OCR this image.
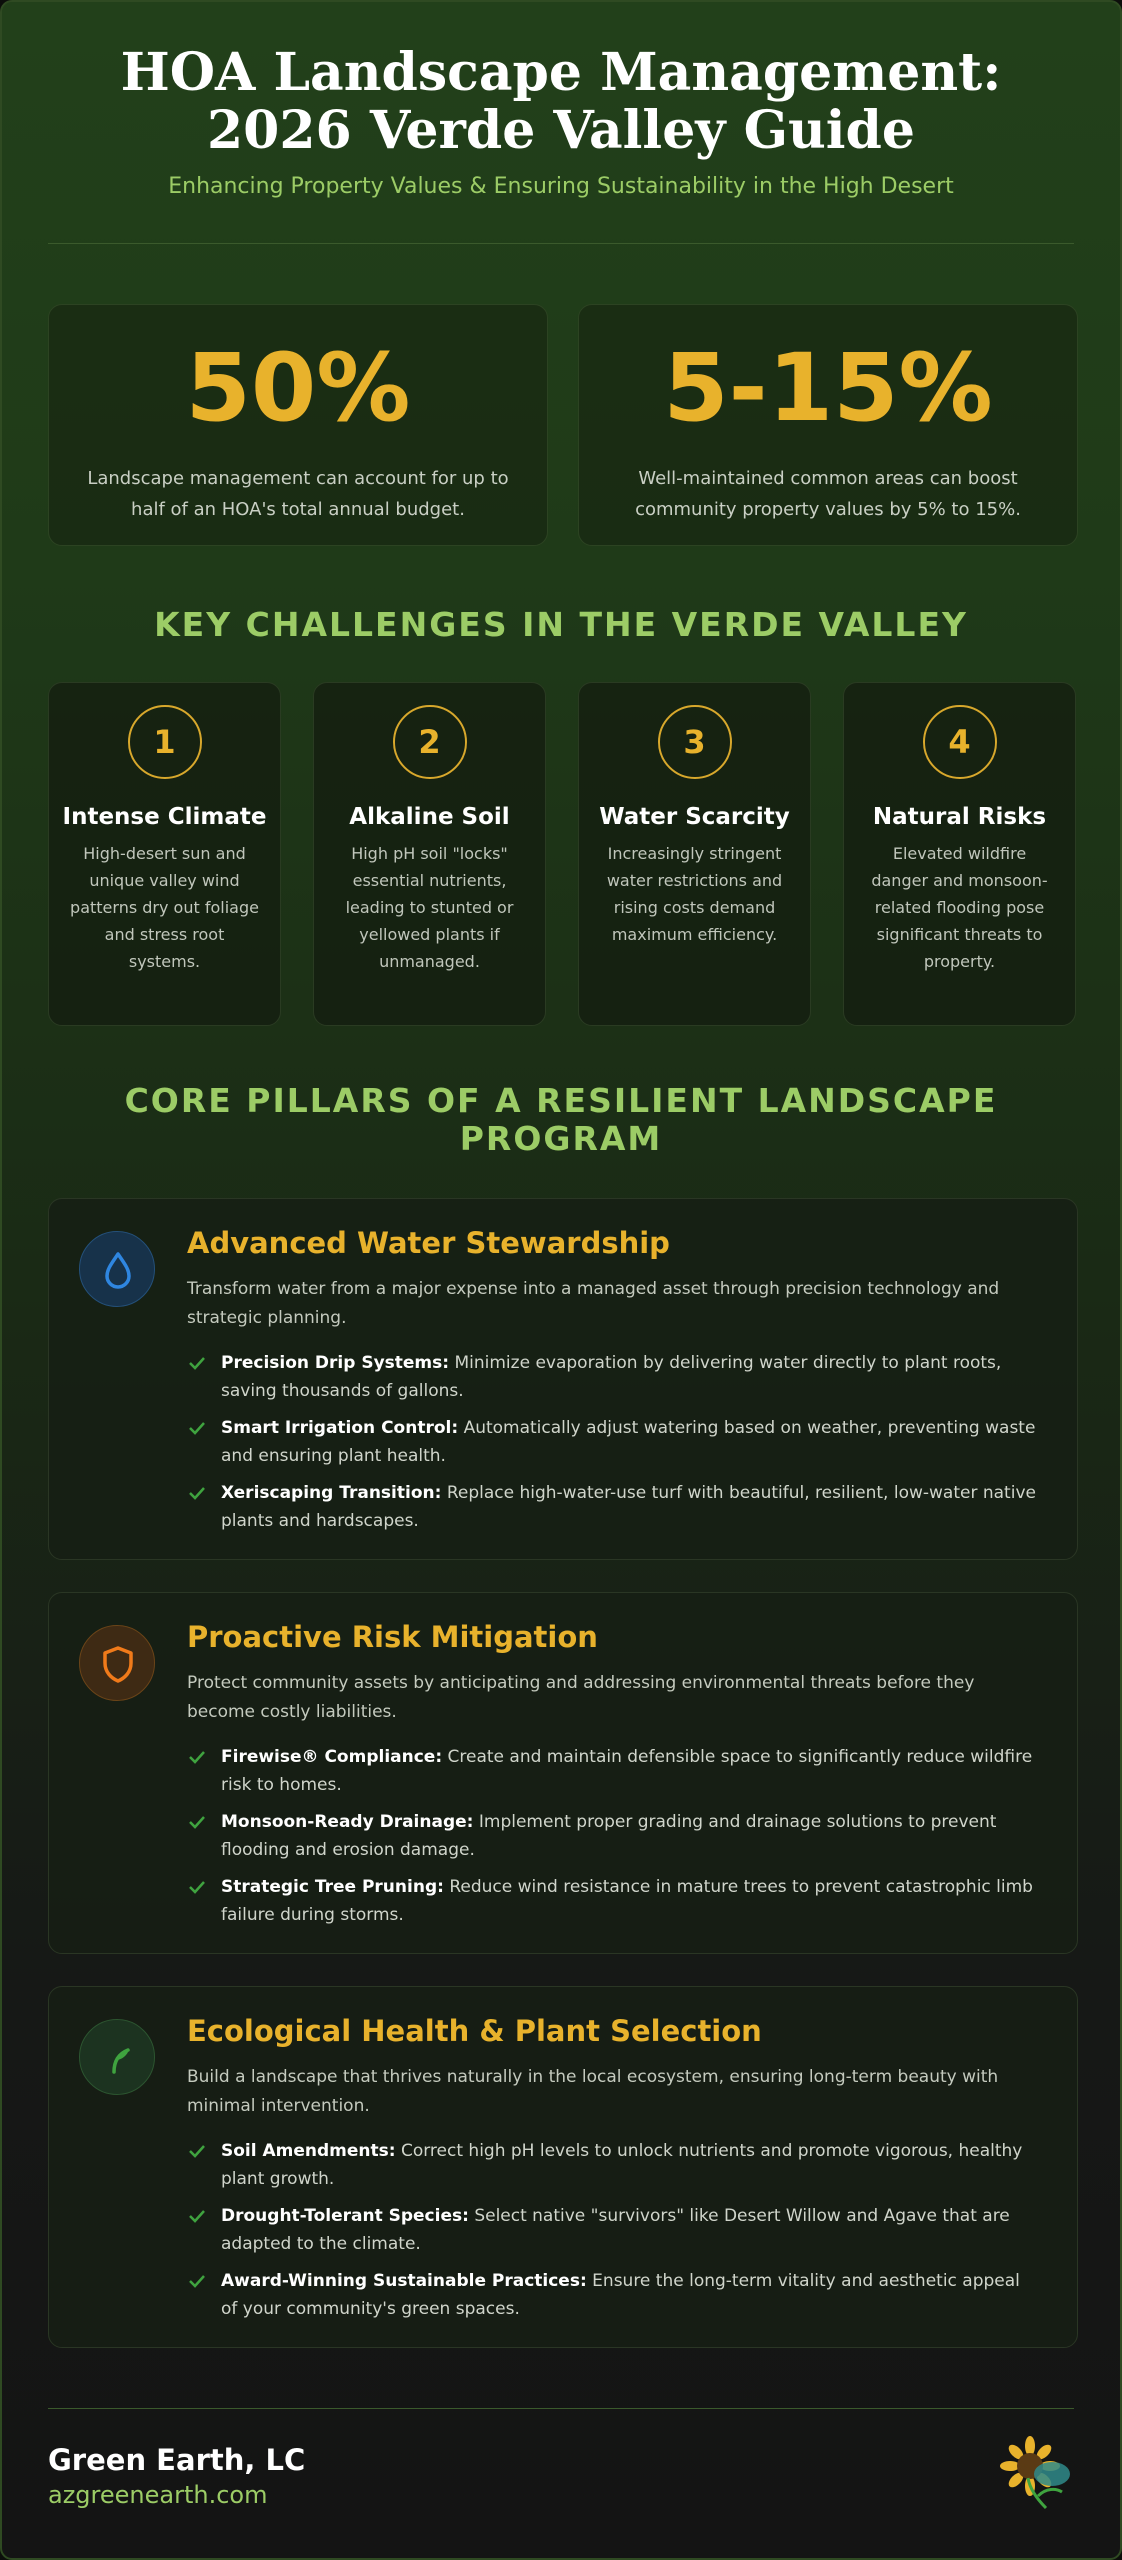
HOA Landscape Management: 2026 Verde Valley Guide

Enhancing Property Values & Ensuring Sustainability in the High Desert

50%
Landscape management can account for up to half of an HOA's total annual budget.
5-15%
Well-maintained common areas can boost community property values by 5% to 15%.
KEY CHALLENGES IN THE VERDE VALLEY
1
Intense Climate
High-desert sun and unique valley wind patterns dry out foliage and stress root systems.
2
Alkaline Soil
High pH soil "locks" essential nutrients, leading to stunted or yellowed plants if unmanaged.
3
Water Scarcity
Increasingly stringent water restrictions and rising costs demand maximum efficiency.
4
Natural Risks
Elevated wildfire danger and monsoon-related flooding pose significant threats to property.
CORE PILLARS OF A RESILIENT LANDSCAPE PROGRAM
Advanced Water Stewardship
Transform water from a major expense into a managed asset through precision technology and strategic planning.
Precision Drip Systems: Minimize evaporation by delivering water directly to plant roots, saving thousands of gallons.
Smart Irrigation Control: Automatically adjust watering based on weather, preventing waste and ensuring plant health.
Xeriscaping Transition: Replace high-water-use turf with beautiful, resilient, low-water native plants and hardscapes.
Proactive Risk Mitigation
Protect community assets by anticipating and addressing environmental threats before they become costly liabilities.
Firewise® Compliance: Create and maintain defensible space to significantly reduce wildfire risk to homes.
Monsoon-Ready Drainage: Implement proper grading and drainage solutions to prevent flooding and erosion damage.
Strategic Tree Pruning: Reduce wind resistance in mature trees to prevent catastrophic limb failure during storms.
Ecological Health & Plant Selection
Build a landscape that thrives naturally in the local ecosystem, ensuring long-term beauty with minimal intervention.
Soil Amendments: Correct high pH levels to unlock nutrients and promote vigorous, healthy plant growth.
Drought-Tolerant Species: Select native "survivors" like Desert Willow and Agave that are adapted to the climate.
Award-Winning Sustainable Practices: Ensure the long-term vitality and aesthetic appeal of your community's green spaces.
Green Earth, LC
azgreenearth.com
